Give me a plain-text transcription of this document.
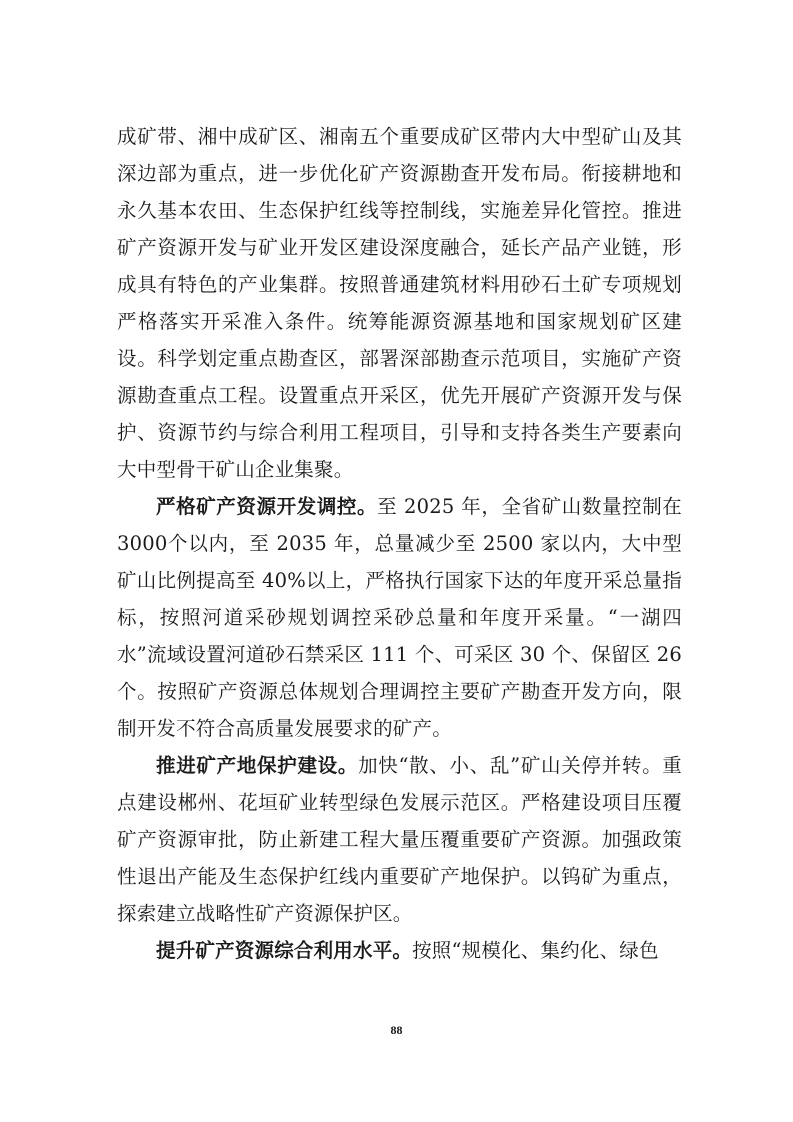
成矿带、湘中成矿区、湘南五个重要成矿区带内大中型矿山及其深边部为重点，进一步优化矿产资源勘查开发布局。衔接耕地和永久基本农田、生态保护红线等控制线，实施差异化管控。推进矿产资源开发与矿业开发区建设深度融合，延长产品产业链，形成具有特色的产业集群。按照普通建筑材料用砂石土矿专项规划严格落实开采准入条件。统筹能源资源基地和国家规划矿区建设。科学划定重点勘查区，部署深部勘查示范项目，实施矿产资源勘查重点工程。设置重点开采区，优先开展矿产资源开发与保护、资源节约与综合利用工程项目，引导和支持各类生产要素向大中型骨干矿山企业集聚。

严格矿产资源开发调控。至 2025 年，全省矿山数量控制在 3000个以内，至 2035 年，总量减少至 2500 家以内，大中型矿山比例提高至 40%以上，严格执行国家下达的年度开采总量指标，按照河道采砂规划调控采砂总量和年度开采量。“一湖四水”流域设置河道砂石禁采区 111 个、可采区 30 个、保留区 26 个。按照矿产资源总体规划合理调控主要矿产勘查开发方向，限制开发不符合高质量发展要求的矿产。

推进矿产地保护建设。加快“散、小、乱”矿山关停并转。重点建设郴州、花垣矿业转型绿色发展示范区。严格建设项目压覆矿产资源审批，防止新建工程大量压覆重要矿产资源。加强政策性退出产能及生态保护红线内重要矿产地保护。以钨矿为重点，探索建立战略性矿产资源保护区。

提升矿产资源综合利用水平。按照“规模化、集约化、绿色

88
